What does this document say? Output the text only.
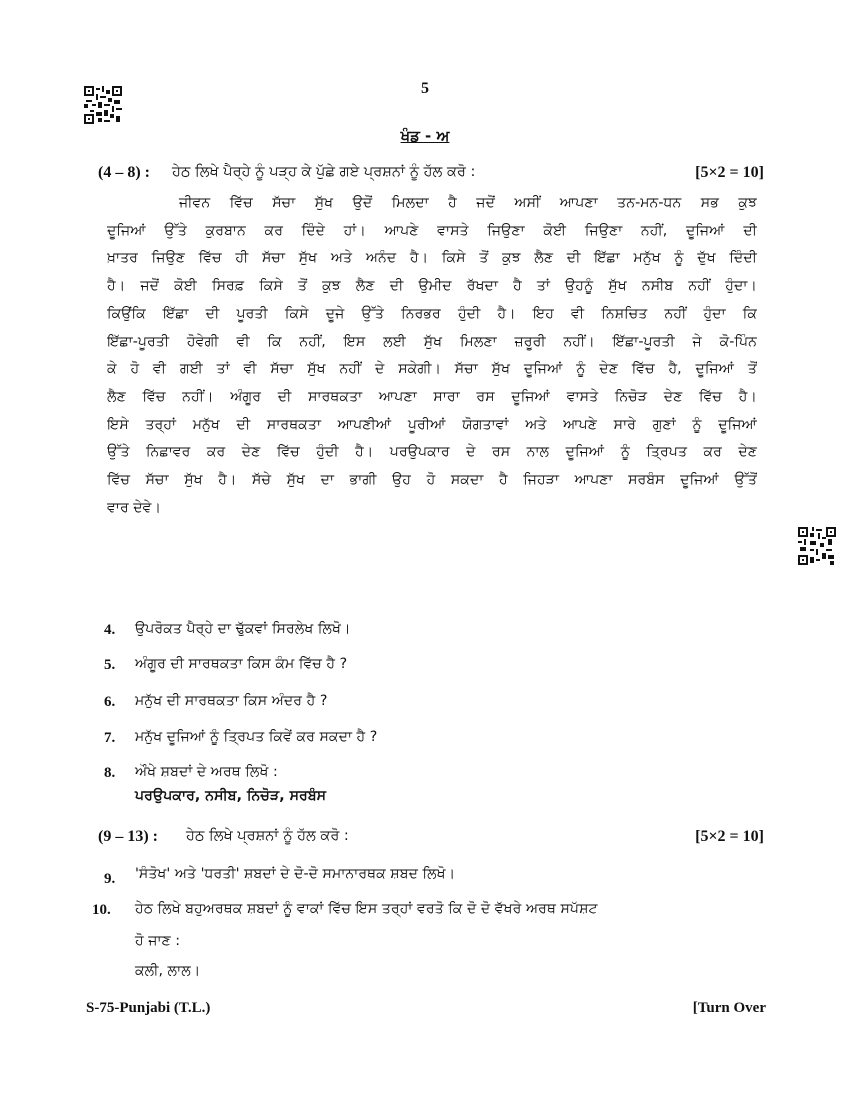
5
ਖੰਡ - ਅ
(4 – 8) : ਹੇਠ ਲਿਖੇ ਪੈਰ੍ਹੇ ਨੂੰ ਪੜ੍ਹ ਕੇ ਪੁੱਛੇ ਗਏ ਪ੍ਰਸ਼ਨਾਂ ਨੂੰ ਹੱਲ ਕਰੋ :	[5×2 = 10]
ਜੀਵਨ ਵਿੱਚ ਸੱਚਾ ਸੁੱਖ ਉਦੋਂ ਮਿਲਦਾ ਹੈ ਜਦੋਂ ਅਸੀਂ ਆਪਣਾ ਤਨ-ਮਨ-ਧਨ ਸਭ ਕੁਝ
ਦੂਜਿਆਂ ਉੱਤੇ ਕੁਰਬਾਨ ਕਰ ਦਿੰਦੇ ਹਾਂ। ਆਪਣੇ ਵਾਸਤੇ ਜਿਉਣਾ ਕੋਈ ਜਿਉਣਾ ਨਹੀਂ, ਦੂਜਿਆਂ ਦੀ
ਖ਼ਾਤਰ ਜਿਉਣ ਵਿੱਚ ਹੀ ਸੱਚਾ ਸੁੱਖ ਅਤੇ ਅਨੰਦ ਹੈ। ਕਿਸੇ ਤੋਂ ਕੁਝ ਲੈਣ ਦੀ ਇੱਛਾ ਮਨੁੱਖ ਨੂੰ ਦੁੱਖ ਦਿੰਦੀ
ਹੈ। ਜਦੋਂ ਕੋਈ ਸਿਰਫ਼ ਕਿਸੇ ਤੋਂ ਕੁਝ ਲੈਣ ਦੀ ਉਮੀਦ ਰੱਖਦਾ ਹੈ ਤਾਂ ਉਹਨੂੰ ਸੁੱਖ ਨਸੀਬ ਨਹੀਂ ਹੁੰਦਾ।
ਕਿਉਂਕਿ ਇੱਛਾ ਦੀ ਪੂਰਤੀ ਕਿਸੇ ਦੂਜੇ ਉੱਤੇ ਨਿਰਭਰ ਹੁੰਦੀ ਹੈ। ਇਹ ਵੀ ਨਿਸ਼ਚਿਤ ਨਹੀਂ ਹੁੰਦਾ ਕਿ
ਇੱਛਾ-ਪੂਰਤੀ ਹੋਵੇਗੀ ਵੀ ਕਿ ਨਹੀਂ, ਇਸ ਲਈ ਸੁੱਖ ਮਿਲਣਾ ਜ਼ਰੂਰੀ ਨਹੀਂ। ਇੱਛਾ-ਪੂਰਤੀ ਜੇ ਕੋ-ਪਿੰਨ
ਕੇ ਹੋ ਵੀ ਗਈ ਤਾਂ ਵੀ ਸੱਚਾ ਸੁੱਖ ਨਹੀਂ ਦੇ ਸਕੇਗੀ। ਸੱਚਾ ਸੁੱਖ ਦੂਜਿਆਂ ਨੂੰ ਦੇਣ ਵਿੱਚ ਹੈ, ਦੂਜਿਆਂ ਤੋਂ
ਲੈਣ ਵਿੱਚ ਨਹੀਂ। ਅੰਗੂਰ ਦੀ ਸਾਰਥਕਤਾ ਆਪਣਾ ਸਾਰਾ ਰਸ ਦੂਜਿਆਂ ਵਾਸਤੇ ਨਿਚੋੜ ਦੇਣ ਵਿੱਚ ਹੈ।
ਇਸੇ ਤਰ੍ਹਾਂ ਮਨੁੱਖ ਦੀ ਸਾਰਥਕਤਾ ਆਪਣੀਆਂ ਪੂਰੀਆਂ ਯੋਗਤਾਵਾਂ ਅਤੇ ਆਪਣੇ ਸਾਰੇ ਗੁਣਾਂ ਨੂੰ ਦੂਜਿਆਂ
ਉੱਤੇ ਨਿਛਾਵਰ ਕਰ ਦੇਣ ਵਿੱਚ ਹੁੰਦੀ ਹੈ। ਪਰਉਪਕਾਰ ਦੇ ਰਸ ਨਾਲ ਦੂਜਿਆਂ ਨੂੰ ਤ੍ਰਿਪਤ ਕਰ ਦੇਣ
ਵਿੱਚ ਸੱਚਾ ਸੁੱਖ ਹੈ। ਸੱਚੇ ਸੁੱਖ ਦਾ ਭਾਗੀ ਉਹ ਹੋ ਸਕਦਾ ਹੈ ਜਿਹੜਾ ਆਪਣਾ ਸਰਬੰਸ ਦੂਜਿਆਂ ਉੱਤੋਂ
ਵਾਰ ਦੇਵੇ।
4.	ਉਪਰੋਕਤ ਪੈਰ੍ਹੇ ਦਾ ਢੁੱਕਵਾਂ ਸਿਰਲੇਖ ਲਿਖੋ।
5.	ਅੰਗੂਰ ਦੀ ਸਾਰਥਕਤਾ ਕਿਸ ਕੰਮ ਵਿੱਚ ਹੈ ?
6.	ਮਨੁੱਖ ਦੀ ਸਾਰਥਕਤਾ ਕਿਸ ਅੰਦਰ ਹੈ ?
7.	ਮਨੁੱਖ ਦੂਜਿਆਂ ਨੂੰ ਤ੍ਰਿਪਤ ਕਿਵੇਂ ਕਰ ਸਕਦਾ ਹੈ ?
8.	ਔਖੇ ਸ਼ਬਦਾਂ ਦੇ ਅਰਥ ਲਿਖੋ :
ਪਰਉਪਕਾਰ, ਨਸੀਬ, ਨਿਚੋੜ, ਸਰਬੰਸ
(9 – 13) : ਹੇਠ ਲਿਖੇ ਪ੍ਰਸ਼ਨਾਂ ਨੂੰ ਹੱਲ ਕਰੋ :	[5×2 = 10]
9.	'ਸੰਤੋਖ' ਅਤੇ 'ਧਰਤੀ' ਸ਼ਬਦਾਂ ਦੇ ਦੋ-ਦੋ ਸਮਾਨਾਰਥਕ ਸ਼ਬਦ ਲਿਖੋ।
10.	ਹੇਠ ਲਿਖੇ ਬਹੁਅਰਥਕ ਸ਼ਬਦਾਂ ਨੂੰ ਵਾਕਾਂ ਵਿੱਚ ਇਸ ਤਰ੍ਹਾਂ ਵਰਤੋ ਕਿ ਦੋ ਦੋ ਵੱਖਰੇ ਅਰਥ ਸਪੱਸ਼ਟ
ਹੋ ਜਾਣ :
ਕਲੀ, ਲਾਲ।
S-75-Punjabi (T.L.)	[Turn Over
